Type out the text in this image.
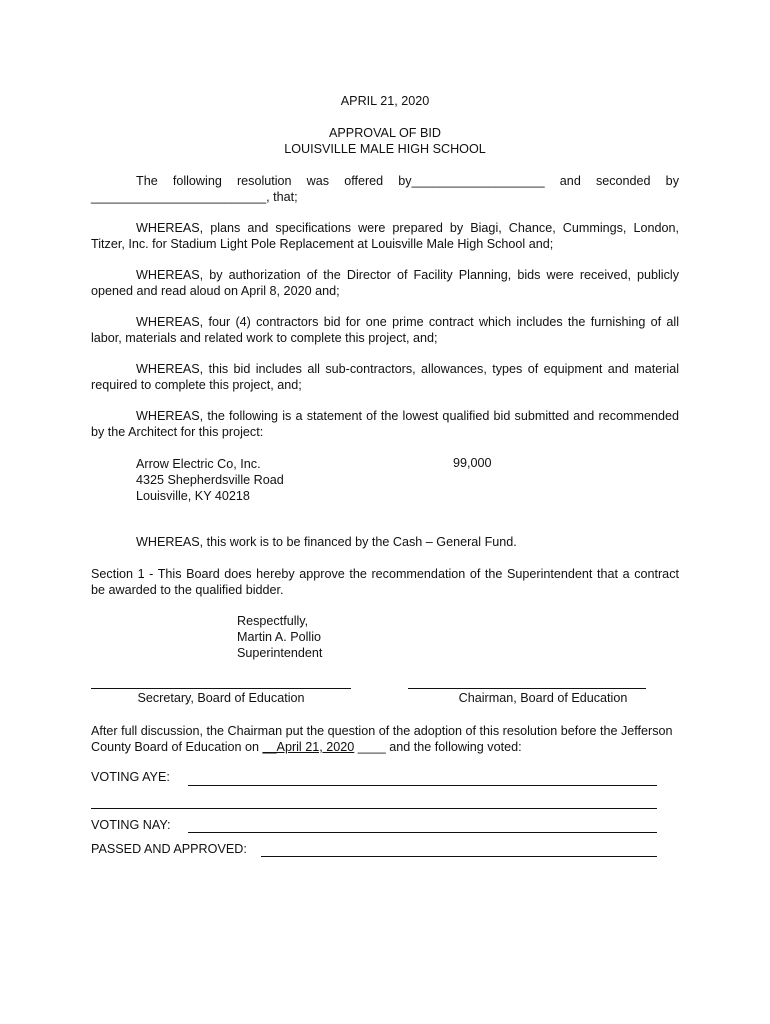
APRIL 21, 2020
APPROVAL OF BID
LOUISVILLE MALE HIGH SCHOOL
The following resolution was offered by___________________ and seconded by _________________________, that;
WHEREAS, plans and specifications were prepared by Biagi, Chance, Cummings, London, Titzer, Inc. for Stadium Light Pole Replacement at Louisville Male High School and;
WHEREAS, by authorization of the Director of Facility Planning, bids were received, publicly opened and read aloud on April 8, 2020 and;
WHEREAS, four (4) contractors bid for one prime contract which includes the furnishing of all labor, materials and related work to complete this project, and;
WHEREAS, this bid includes all sub-contractors, allowances, types of equipment and material required to complete this project, and;
WHEREAS, the following is a statement of the lowest qualified bid submitted and recommended by the Architect for this project:
Arrow Electric Co, Inc.
4325 Shepherdsville Road
Louisville, KY 40218
99,000
WHEREAS, this work is to be financed by the Cash – General Fund.
Section 1 - This Board does hereby approve the recommendation of the Superintendent that a contract be awarded to the qualified bidder.
Respectfully,
Martin A. Pollio
Superintendent
Secretary, Board of Education	Chairman, Board of Education
After full discussion, the Chairman put the question of the adoption of this resolution before the Jefferson County Board of Education on __April 21, 2020 ____ and the following voted:
VOTING AYE:
VOTING NAY:
PASSED AND APPROVED:
